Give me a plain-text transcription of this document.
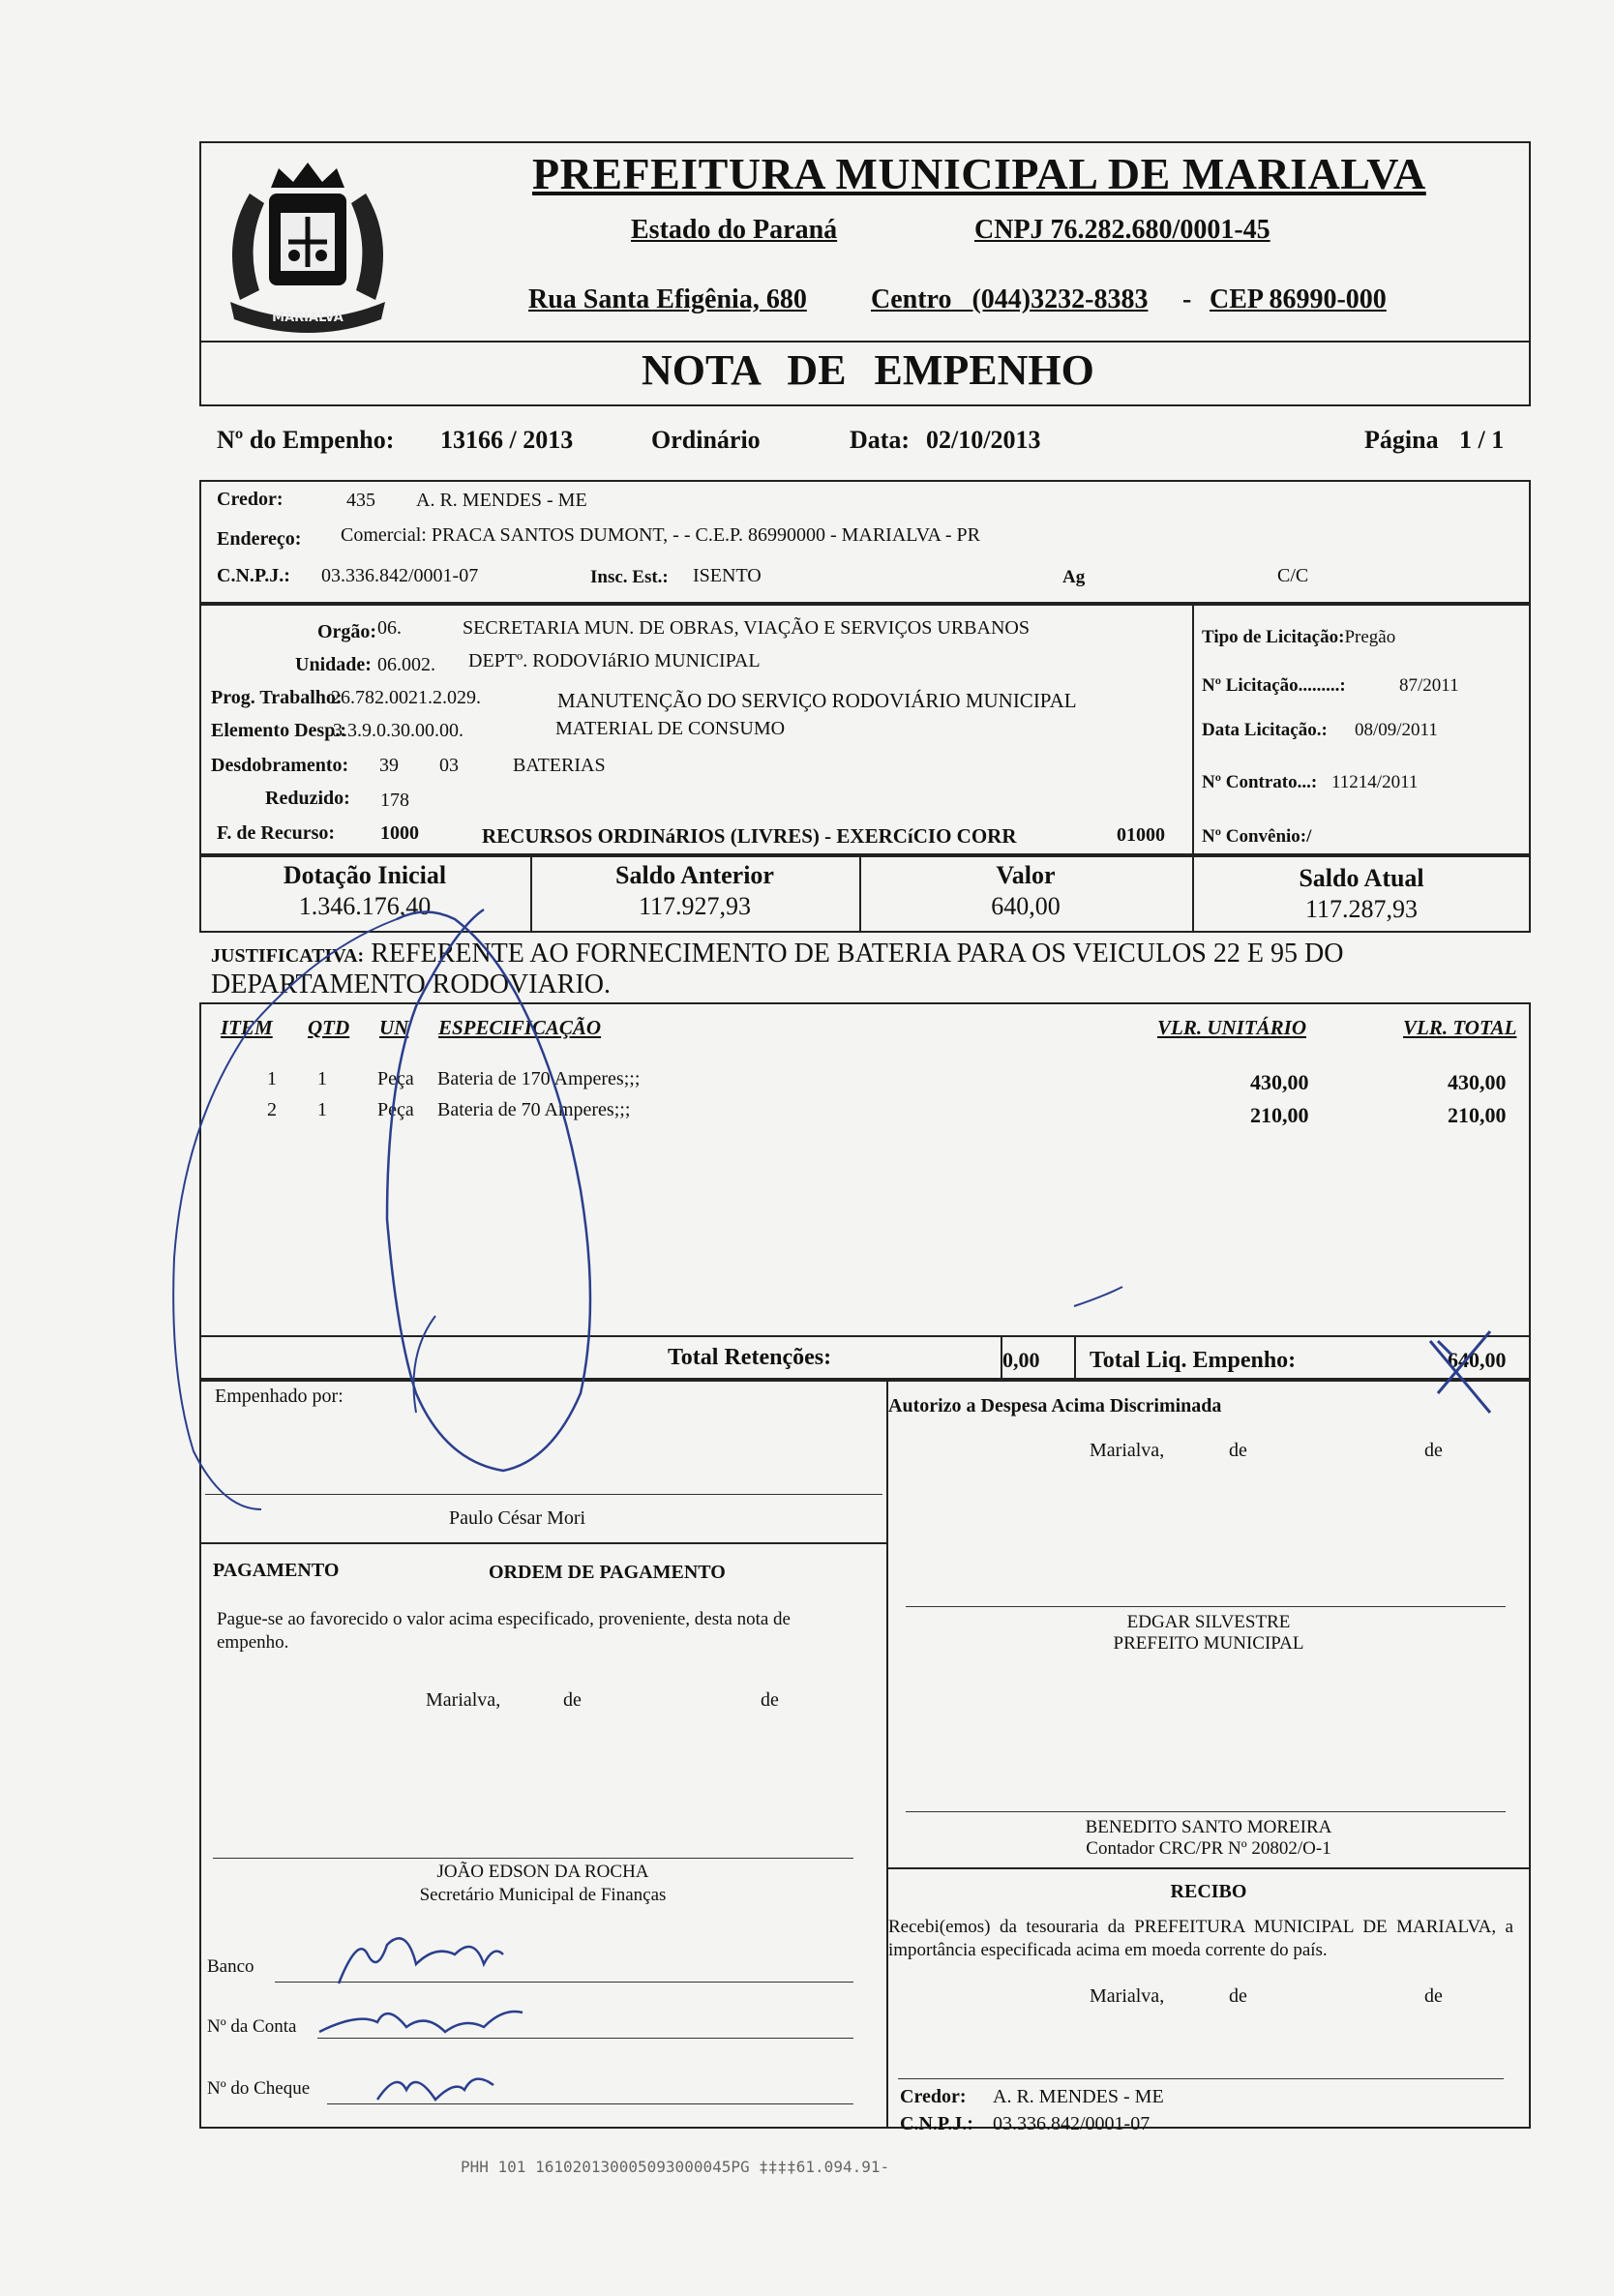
MARIALVA
PREFEITURA MUNICIPAL DE MARIALVA
Estado do Paraná	CNPJ 76.282.680/0001-45
Rua Santa Efigênia, 680 Centro (044)3232-8383 - CEP 86990-000
NOTA DE EMPENHO
Nº do Empenho: 13166 / 2013	Ordinário	Data: 02/10/2013	Página 1 / 1
Credor:	435 A. R. MENDES - ME
Endereço: Comercial: PRACA SANTOS DUMONT, - - C.E.P. 86990000 - MARIALVA - PR
C.N.P.J.: 03.336.842/0001-07	Insc. Est.: ISENTO	Ag	C/C
Orgão: 06.	SECRETARIA MUN. DE OBRAS, VIAÇÃO E SERVIÇOS URBANOS
Unidade: 06.002. DEPTº. RODOVIáRIO MUNICIPAL
Prog. Trabalho:
26.782.0021.2.029.	MANUTENÇÃO DO SERVIÇO RODOVIÁRIO MUNICIPAL
Elemento Desp.:
3.3.9.0.30.00.00.	MATERIAL DE CONSUMO
Desdobramento: 39 03	BATERIAS
Reduzido: 178
F. de Recurso: 1000	RECURSOS ORDINáRIOS (LIVRES) - EXERCíCIO CORR	01000
Tipo de Licitação:Pregão
Nº Licitação.........:	87/2011
Data Licitação.: 08/09/2011
Nº Contrato...: 11214/2011
Nº Convênio:/
Dotação Inicial
1.346.176,40
Saldo Anterior
117.927,93
Valor
640,00
Saldo Atual
117.287,93
JUSTIFICATIVA: REFERENTE AO FORNECIMENTO DE BATERIA PARA OS VEICULOS 22 E 95 DO
DEPARTAMENTO RODOVIARIO.
ITEM QTD UN ESPECIFICAÇÃO	VLR. UNITÁRIO	VLR. TOTAL
1 1	Peça Bateria de 170 Amperes;;;	430,00	430,00
2 1	Peça Bateria de 70 Amperes;;;	210,00	210,00
Total Retenções:	0,00 Total Liq. Empenho:	640,00
Empenhado por:
Paulo César Mori
Autorizo a Despesa Acima Discriminada
Marialva,	de	de
PAGAMENTO	ORDEM DE PAGAMENTO
Pague-se ao favorecido o valor acima especificado, proveniente, desta nota de empenho.
Marialva,	de	de
EDGAR SILVESTRE
PREFEITO MUNICIPAL
BENEDITO SANTO MOREIRA
Contador CRC/PR Nº 20802/O-1
JOÃO EDSON DA ROCHA
Secretário Municipal de Finanças	RECIBO
Recebi(emos) da tesouraria da PREFEITURA MUNICIPAL DE MARIALVA, a importância especificada acima em moeda corrente do país.
Marialva,	de	de
Banco
Nº da Conta
Nº do Cheque	Credor: A. R. MENDES - ME
C.N.P.J.: 03.336.842/0001-07
PHH 101 161020130005093000045PG ‡‡‡‡61.094.91-
